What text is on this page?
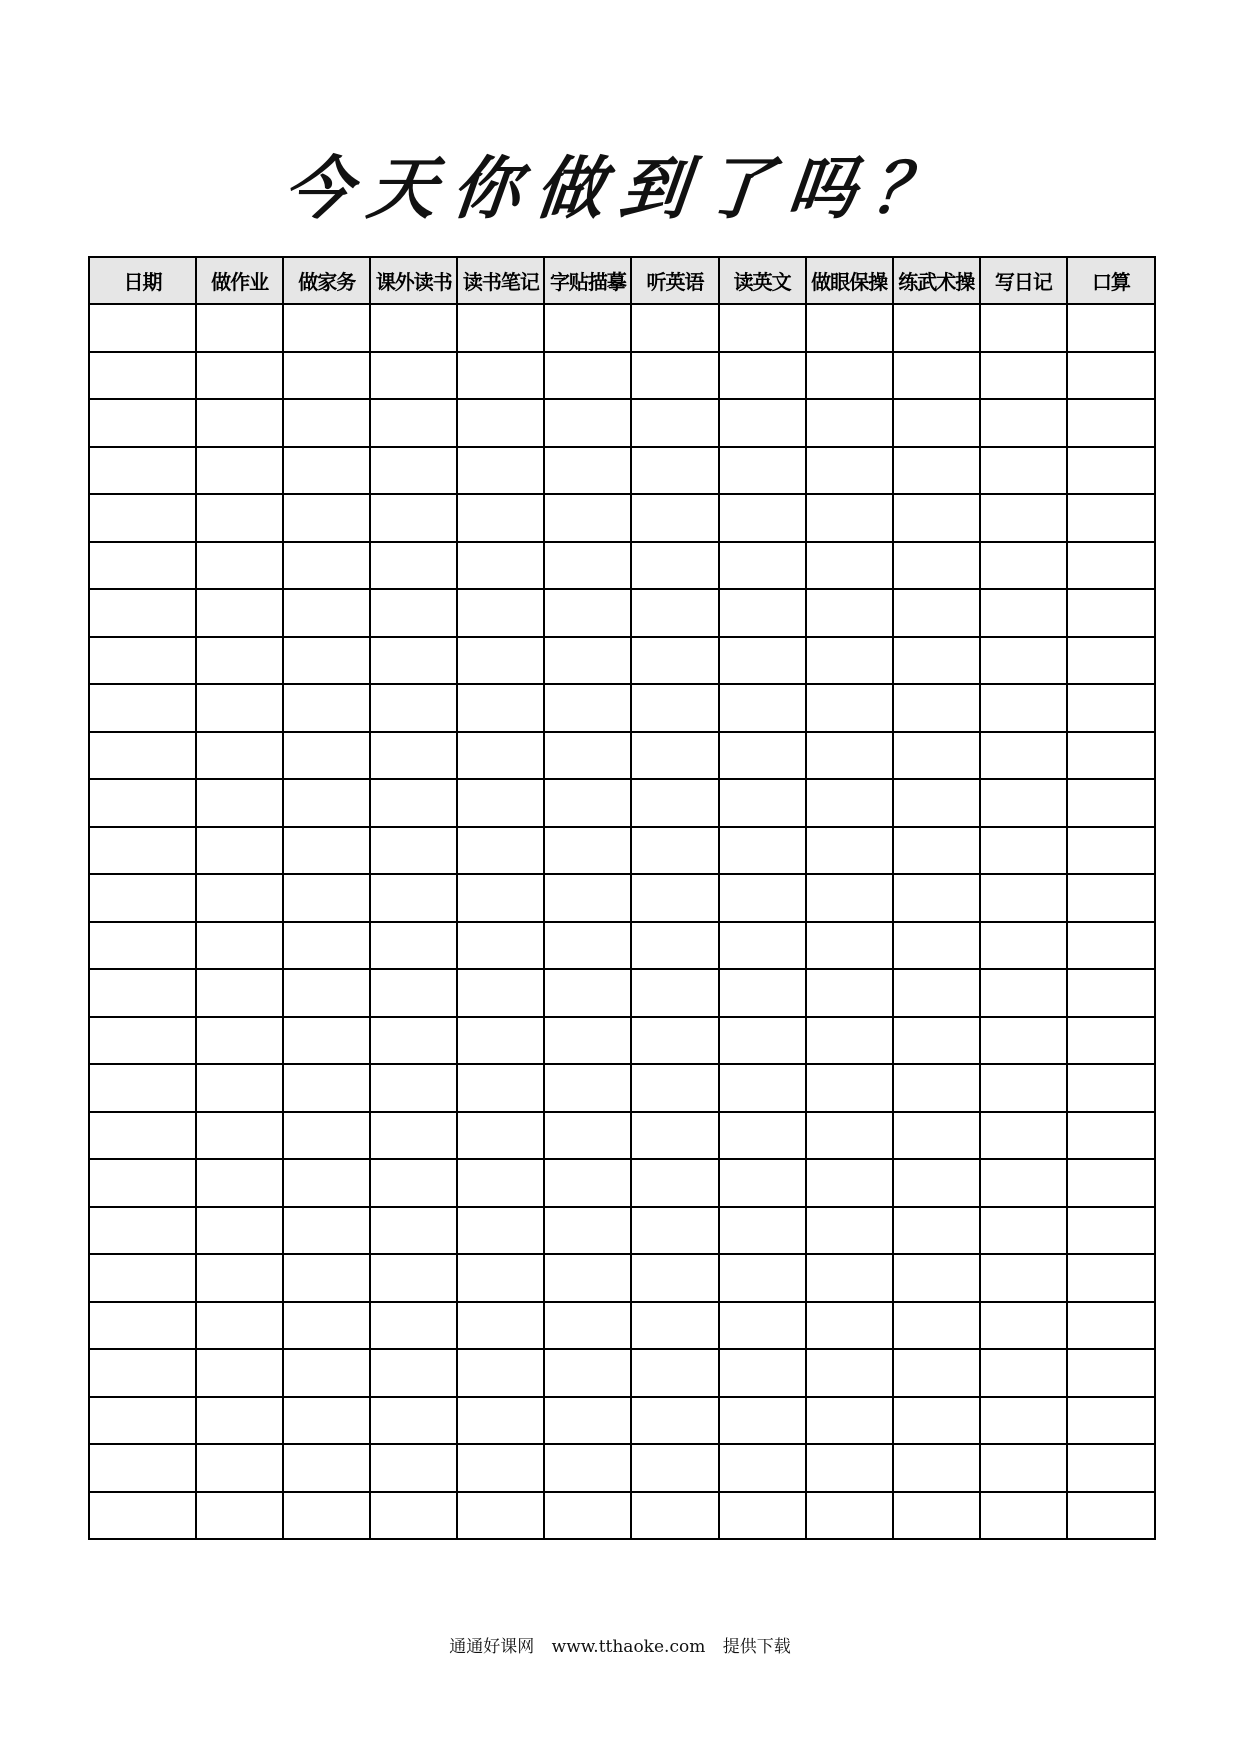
今天你做到了吗？
日期	做作业	做家务	课外读书	读书笔记	字贴描摹	听英语	读英文	做眼保操	练武术操	写日记	口算

通通好课网 www.tthaoke.com 提供下载
